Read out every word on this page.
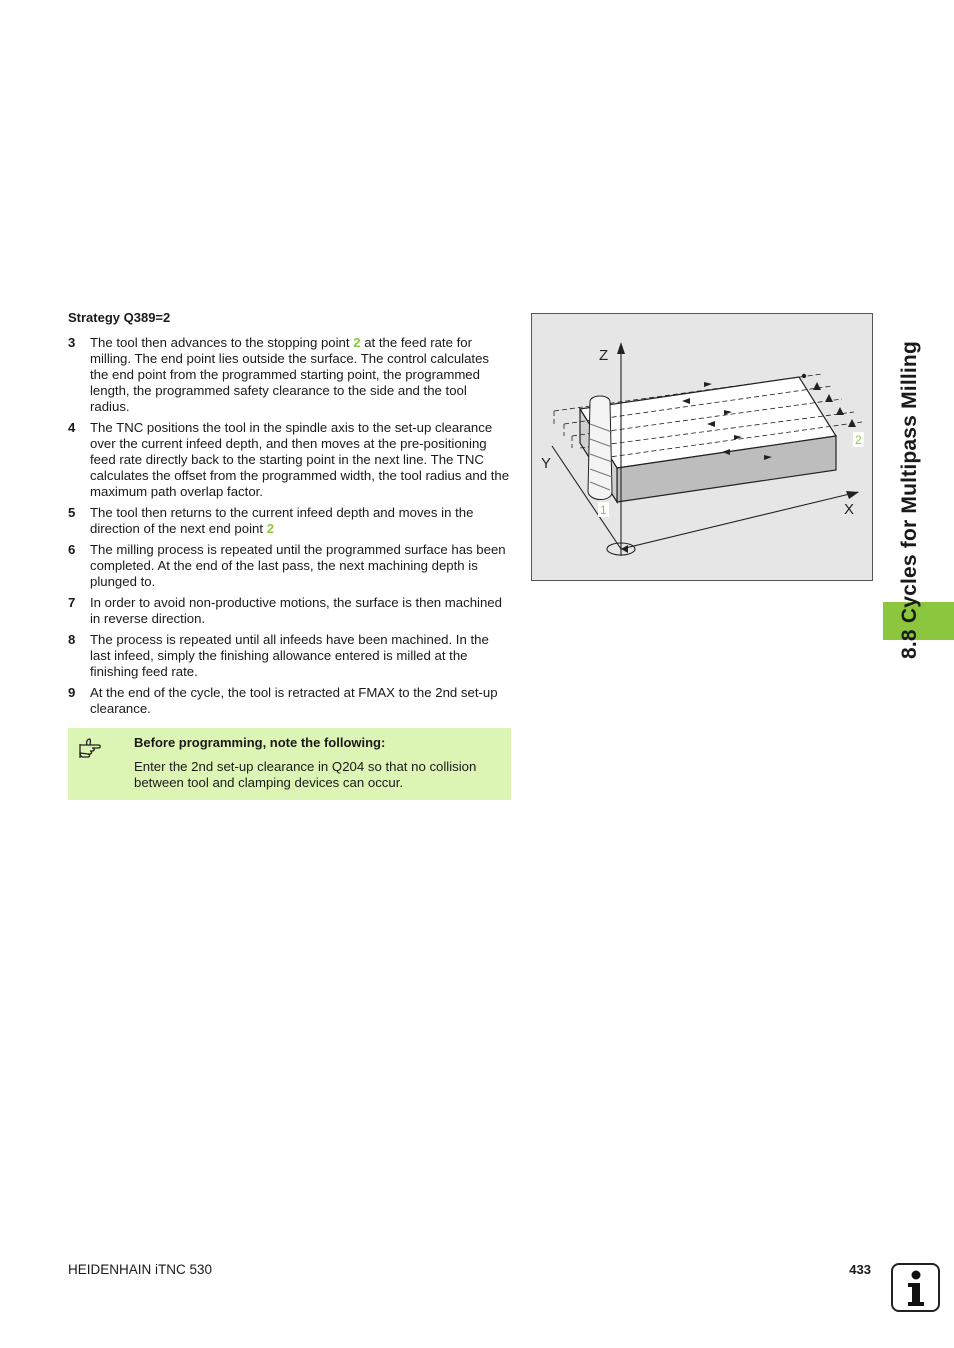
Strategy Q389=2
3 The tool then advances to the stopping point 2 at the feed rate for milling. The end point lies outside the surface. The control calculates the end point from the programmed starting point, the programmed length, the programmed safety clearance to the side and the tool radius.
4 The TNC positions the tool in the spindle axis to the set-up clearance over the current infeed depth, and then moves at the pre-positioning feed rate directly back to the starting point in the next line. The TNC calculates the offset from the programmed width, the tool radius and the maximum path overlap factor.
5 The tool then returns to the current infeed depth and moves in the direction of the next end point 2
6 The milling process is repeated until the programmed surface has been completed. At the end of the last pass, the next machining depth is plunged to.
7 In order to avoid non-productive motions, the surface is then machined in reverse direction.
8 The process is repeated until all infeeds have been machined. In the last infeed, simply the finishing allowance entered is milled at the finishing feed rate.
9 At the end of the cycle, the tool is retracted at FMAX to the 2nd set-up clearance.
Before programming, note the following:
Enter the 2nd set-up clearance in Q204 so that no collision between tool and clamping devices can occur.
Z
Y
X
1
2 8.8 Cycles for Multipass Milling
HEIDENHAIN iTNC 530	433
